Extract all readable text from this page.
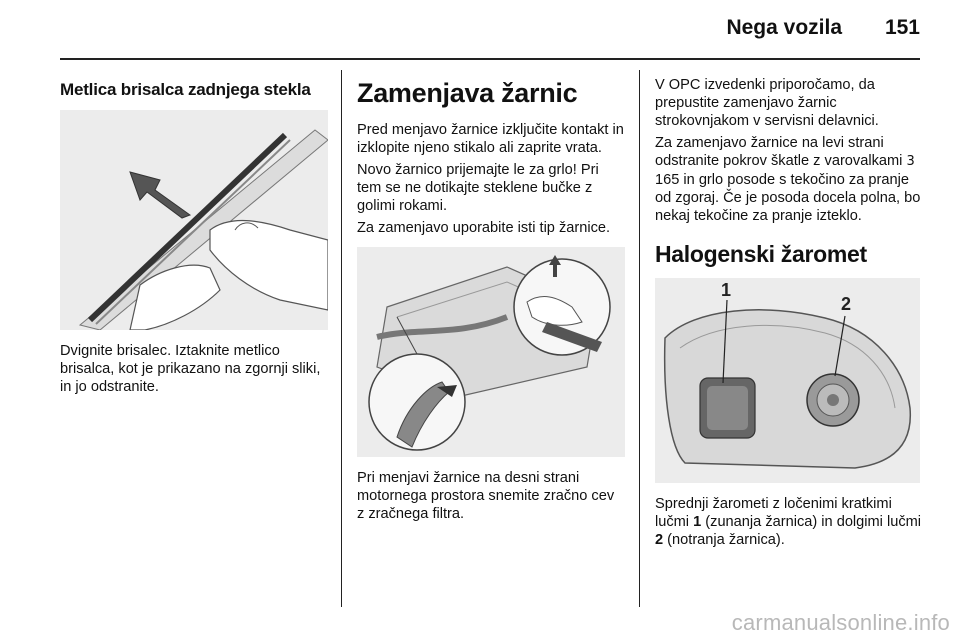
Nega vozila 151
Metlica brisalca zadnjega stekla

Dvignite brisalec. Iztaknite metlico brisalca, kot je prikazano na zgornji sliki, in jo odstranite.

Zamenjava žarnic

Pred menjavo žarnice izključite kontakt in izklopite njeno stikalo ali zaprite vrata.

Novo žarnico prijemajte le za grlo! Pri tem se ne dotikajte steklene bučke z golimi rokami.

Za zamenjavo uporabite isti tip žarnice.

Pri menjavi žarnice na desni strani motornega prostora snemite zračno cev z zračnega filtra.

V OPC izvedenki priporočamo, da prepustite zamenjavo žarnic strokovnjakom v servisni delavnici.

Za zamenjavo žarnice na levi strani odstranite pokrov škatle z varovalkami 3 165 in grlo posode s tekočino za pranje od zgoraj. Če je posoda docela polna, bo nekaj tekočine za pranje izteklo.

Halogenski žaromet
1
2

Sprednji žarometi z ločenimi kratkimi lučmi 1 (zunanja žarnica) in dolgimi lučmi 2 (notranja žarnica).

carmanualsonline.info
